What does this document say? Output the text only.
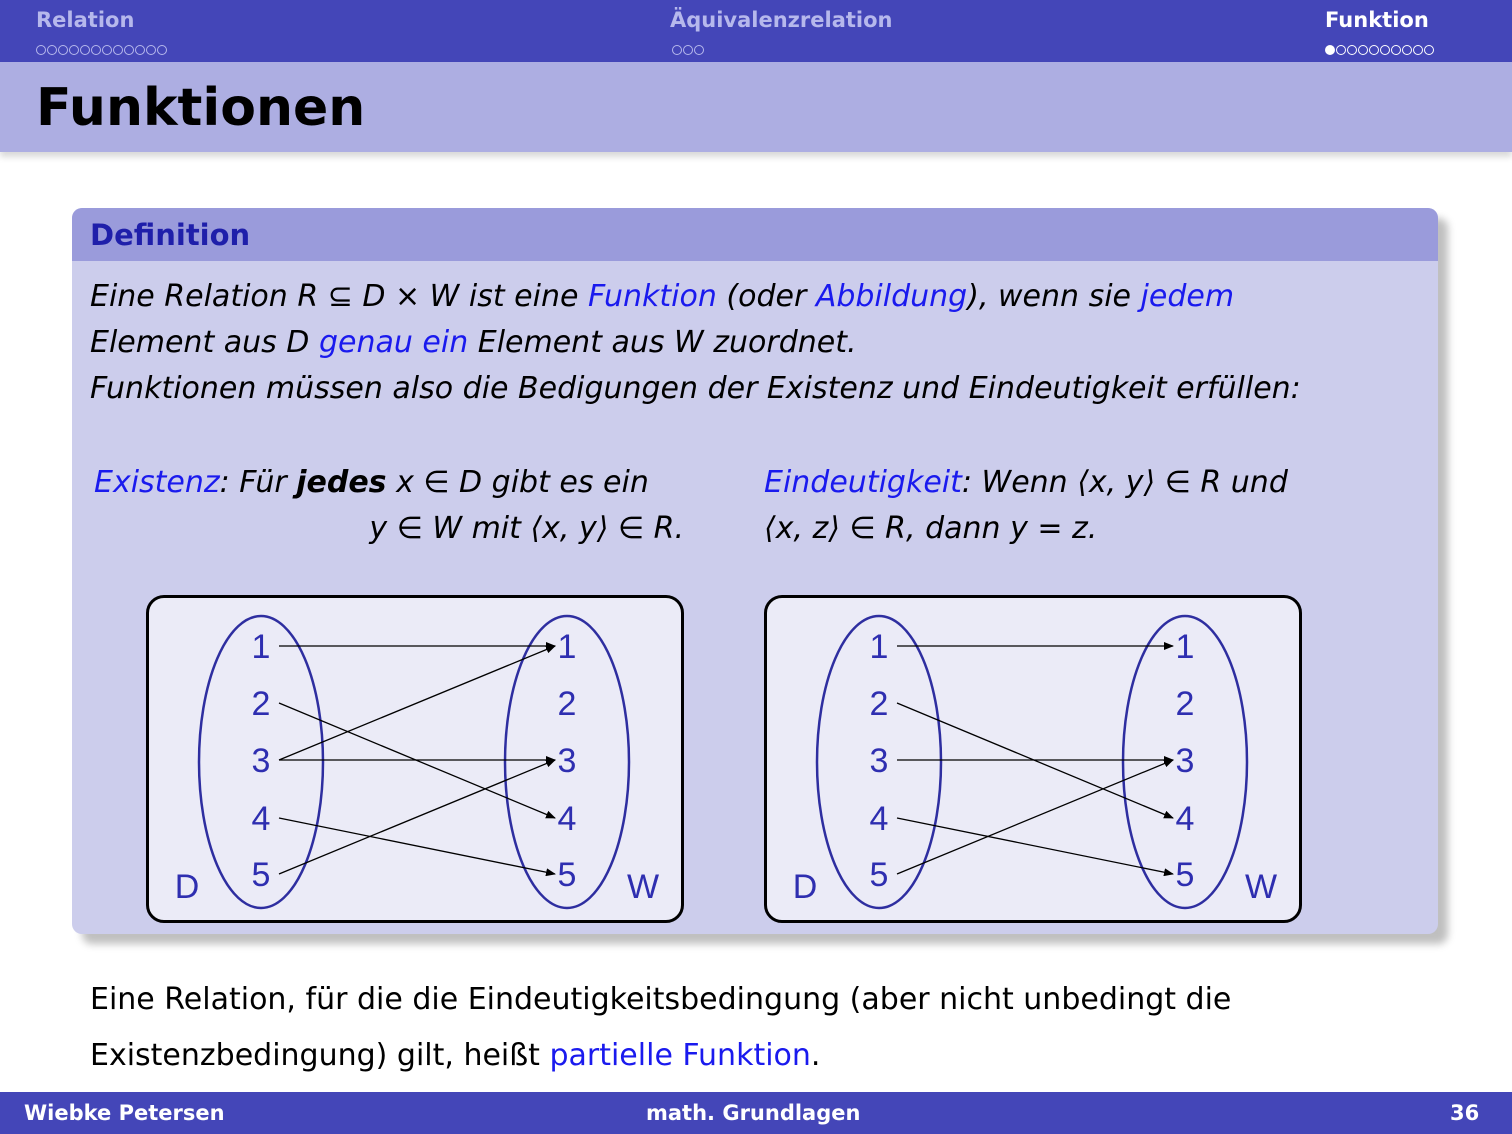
Relation	Äquivalenzrelation	Funktion
Funktionen
Definition
Eine Relation R ⊆ D × W ist eine Funktion (oder Abbildung), wenn sie jedem
Element aus D genau ein Element aus W zuordnet.
Funktionen müssen also die Bedigungen der Existenz und Eindeutigkeit erfüllen:
Existenz: Für jedes x ∈ D gibt es ein
y ∈ W mit ⟨x, y⟩ ∈ R.
Eindeutigkeit: Wenn ⟨x, y⟩ ∈ R und
⟨x, z⟩ ∈ R, dann y = z.
1
2
3
4
5
1
2
3
4
5
D	W
1
2
3
4
5
1
2
3
4
5
D	W
Eine Relation, für die die Eindeutigkeitsbedingung (aber nicht unbedingt die
Existenzbedingung) gilt, heißt partielle Funktion.
Wiebke Petersen	math. Grundlagen	36
